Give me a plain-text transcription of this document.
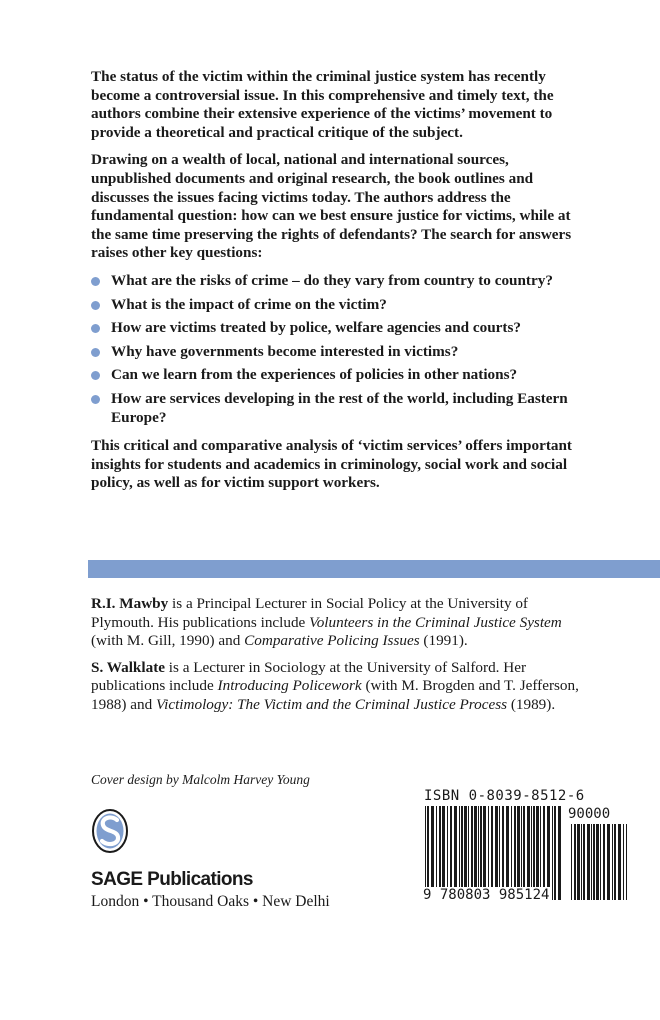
The status of the victim within the criminal justice system has recently become a controversial issue. In this comprehensive and timely text, the authors combine their extensive experience of the victims’ movement to provide a theoretical and practical critique of the subject.

Drawing on a wealth of local, national and international sources, unpublished documents and original research, the book outlines and discusses the issues facing victims today. The authors address the fundamental question: how can we best ensure justice for victims, while at the same time preserving the rights of defendants? The search for answers raises other key questions:

What are the risks of crime – do they vary from country to country?
What is the impact of crime on the victim?
How are victims treated by police, welfare agencies and courts?
Why have governments become interested in victims?
Can we learn from the experiences of policies in other nations?
How are services developing in the rest of the world, including Eastern Europe?

This critical and comparative analysis of ‘victim services’ offers important insights for students and academics in criminology, social work and social policy, as well as for victim support workers.

R.I. Mawby is a Principal Lecturer in Social Policy at the University of Plymouth. His publications include Volunteers in the Criminal Justice System (with M. Gill, 1990) and Comparative Policing Issues (1991).

S. Walklate is a Lecturer in Sociology at the University of Salford. Her publications include Introducing Policework (with M. Brogden and T. Jefferson, 1988) and Victimology: The Victim and the Criminal Justice Process (1989).

Cover design by Malcolm Harvey Young
SAGE Publications
London • Thousand Oaks • New Delhi
ISBN 0-8039-8512-6
90000
9 780803 985124
